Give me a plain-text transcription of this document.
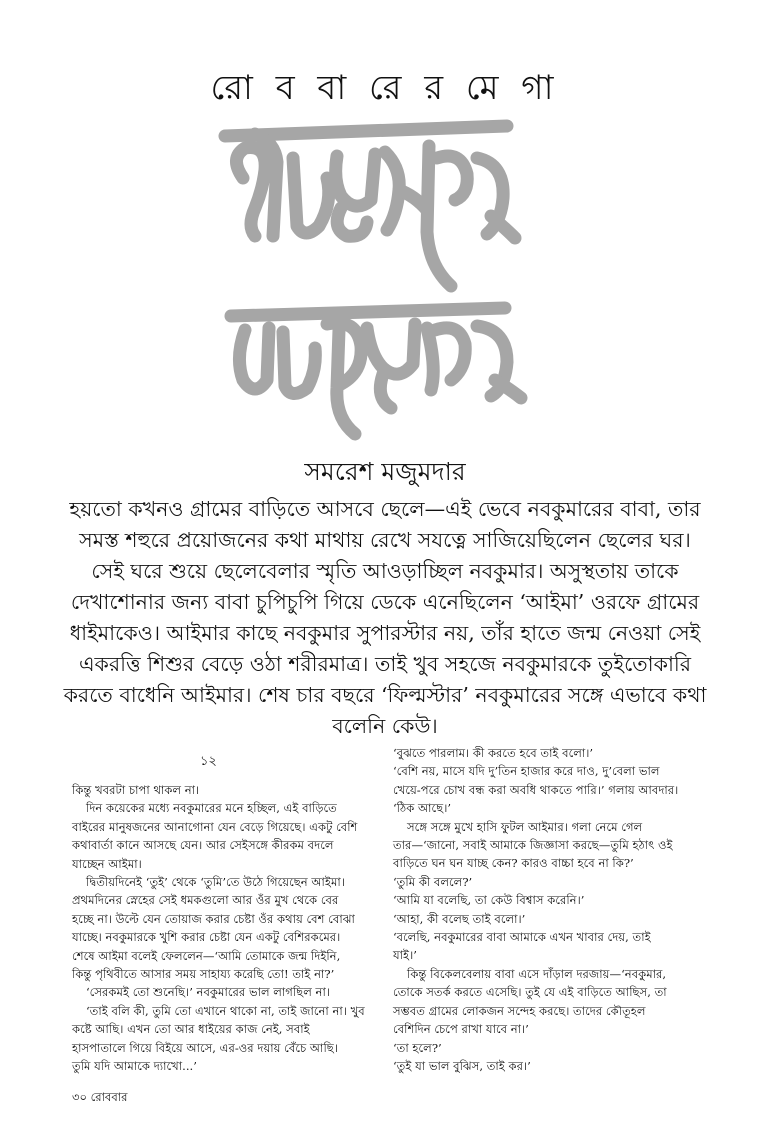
রো ব বা রে র মে গা
সমরেশ মজুমদার
হয়তো কখনও গ্রামের বাড়িতে আসবে ছেলে—এই ভেবে নবকুমারের বাবা, তার সমস্ত শহুরে প্রয়োজনের কথা মাথায় রেখে সযত্নে সাজিয়েছিলেন ছেলের ঘর। সেই ঘরে শুয়ে ছেলেবেলার স্মৃতি আওড়াচ্ছিল নবকুমার। অসুস্থতায় তাকে দেখাশোনার জন্য বাবা চুপিচুপি গিয়ে ডেকে এনেছিলেন ‘আইমা’ ওরফে গ্রামের ধাইমাকেও। আইমার কাছে নবকুমার সুপারস্টার নয়, তাঁর হাতে জন্ম নেওয়া সেই একরত্তি শিশুর বেড়ে ওঠা শরীরমাত্র। তাই খুব সহজে নবকুমারকে তুইতোকারি করতে বাধেনি আইমার। শেষ চার বছরে ‘ফিল্মস্টার’ নবকুমারের সঙ্গে এভাবে কথা বলেনি কেউ।
১২

কিন্তু খবরটা চাপা থাকল না।

দিন কয়েকের মধ্যে নবকুমারের মনে হচ্ছিল, এই বাড়িতে

বাইরের মানুষজনের আনাগোনা যেন বেড়ে গিয়েছে। একটু বেশি

কথাবার্তা কানে আসছে যেন। আর সেইসঙ্গে কীরকম বদলে

যাচ্ছেন আইমা।

দ্বিতীয়দিনেই ‘তুই’ থেকে ‘তুমি’তে উঠে গিয়েছেন আইমা।

প্রথমদিনের স্নেহের সেই ধমকগুলো আর ওঁর মুখ থেকে বের

হচ্ছে না। উল্টে যেন তোয়াজ করার চেষ্টা ওঁর কথায় বেশ বোঝা

যাচ্ছে। নবকুমারকে খুশি করার চেষ্টা যেন একটু বেশিরকমের।

শেষে আইমা বলেই ফেললেন—‘আমি তোমাকে জন্ম দিইনি,

কিন্তু পৃথিবীতে আসার সময় সাহায্য করেছি তো! তাই না?’

‘সেরকমই তো শুনেছি।’ নবকুমারের ভাল লাগছিল না।

‘তাই বলি কী, তুমি তো এখানে থাকো না, তাই জানো না। খুব

কষ্টে আছি। এখন তো আর ধাইয়ের কাজ নেই, সবাই

হাসপাতালে গিয়ে বিইয়ে আসে, এর-ওর দয়ায় বেঁচে আছি।

তুমি যদি আমাকে দ্যাখো...’

‘বুঝতে পারলাম। কী করতে হবে তাই বলো।’

‘বেশি নয়, মাসে যদি দু’তিন হাজার করে দাও, দু’বেলা ভাল

খেয়ে-পরে চোখ বন্ধ করা অবধি থাকতে পারি।’ গলায় আবদার।

‘ঠিক আছে।’

সঙ্গে সঙ্গে মুখে হাসি ফুটল আইমার। গলা নেমে গেল

তার—‘জানো, সবাই আমাকে জিজ্ঞাসা করছে—তুমি হঠাৎ ওই

বাড়িতে ঘন ঘন যাচ্ছ কেন? কারও বাচ্চা হবে না কি?’

‘তুমি কী বললে?’

‘আমি যা বলেছি, তা কেউ বিশ্বাস করেনি।’

‘আহা, কী বলেছ তাই বলো।’

‘বলেছি, নবকুমারের বাবা আমাকে এখন খাবার দেয়, তাই

যাই।’

কিন্তু বিকেলবেলায় বাবা এসে দাঁড়াল দরজায়—‘নবকুমার,

তোকে সতর্ক করতে এসেছি। তুই যে এই বাড়িতে আছিস, তা

সম্ভবত গ্রামের লোকজন সন্দেহ করছে। তাদের কৌতূহল

বেশিদিন চেপে রাখা যাবে না।’

‘তা হলে?’

‘তুই যা ভাল বুঝিস, তাই কর।’

৩০ রোববার
